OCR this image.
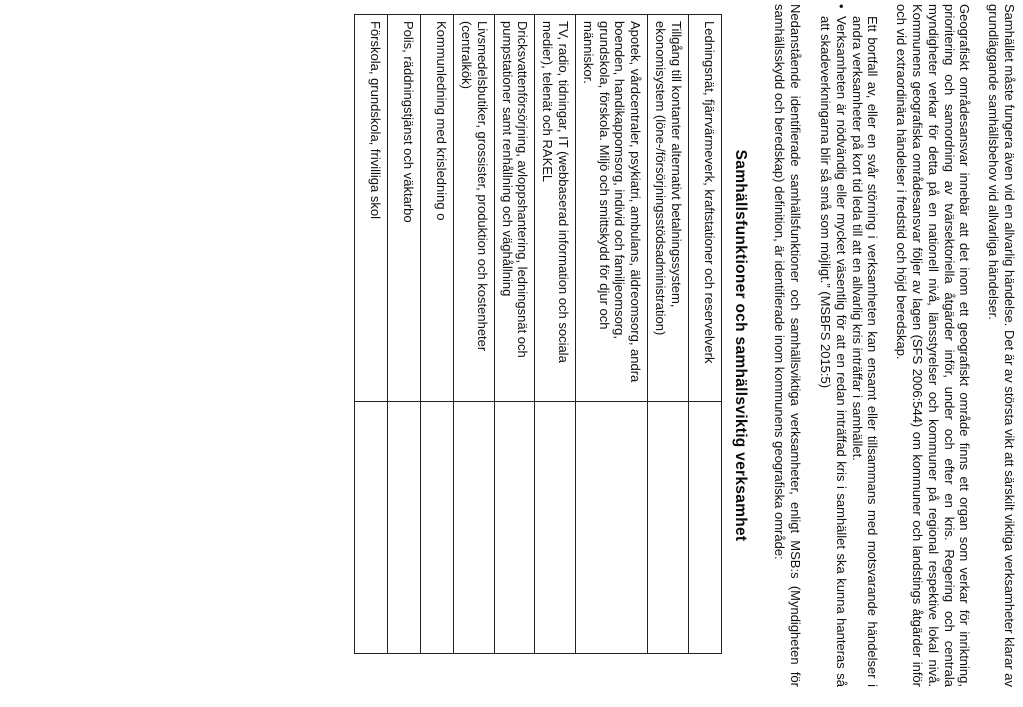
Samhället måste fungera även vid en allvarlig händelse. Det är av största vikt att särskilt viktiga verksamheter klarar av grundläggande samhällsbehov vid allvarliga händelser.

Geografiskt områdesansvar innebär att det inom ett geografiskt område finns ett organ som verkar för inriktning, prioritering och samordning av tvärsektoriella åtgärder inför, under och efter en kris. Regering och centrala myndigheter verkar för detta på en nationell nivå, länsstyrelser och kommuner på regional respektive lokal nivå. Kommunens geografiska områdesansvar följer av lagen (SFS 2006:544) om kommuner och landstings åtgärder inför och vid extraordinära händelser i fredstid och höjd beredskap.

Ett bortfall av, eller en svår störning i verksamheten kan ensamt eller tillsammans med motsvarande händelser i andra verksamheter på kort tid leda till att en allvarlig kris inträffar i samhället.
•
Verksamheten är nödvändig eller mycket väsentlig för att en redan inträffad kris i samhället ska kunna hanteras så att skadeverkningarna blir så små som möjligt.” (MSBFS 2015:5)

Nedanstående identifierade samhällsfunktioner och samhällsviktiga verksamheter, enligt MSB:s (Myndigheten för samhällsskydd och beredskap) definition, är identifierade inom kommunens geografiska område:

Samhällsfunktioner och samhällsviktig verksamhet
Ledningsnät, fjärrvärmeverk, kraftstationer och reservelverk	
Tillgång till kontanter alternativt betalningssystem, ekonomisystem (löne-/försörjningsstödsadministration)	
Apotek, vårdcentraler, psykiatri, ambulans, äldreomsorg, andra boenden, handikappomsorg, individ och familjeomsorg, grundskola, förskola. Miljö och smittskydd för djur och människor.	
TV, radio, tidningar, IT (webbaserad information och sociala medier), telenät och RAKEL	
Dricksvattenförsörjning, avloppshantering, ledningsnät och pumpstationer samt renhållning och väghållning	
Livsmedelsbutiker, grossister, produktion och kostenheter (centralkök)	
Kommunledning med krisledning o	
Polis, räddningstjänst och väktarbo	
Förskola, grundskola, frivilliga skol	
